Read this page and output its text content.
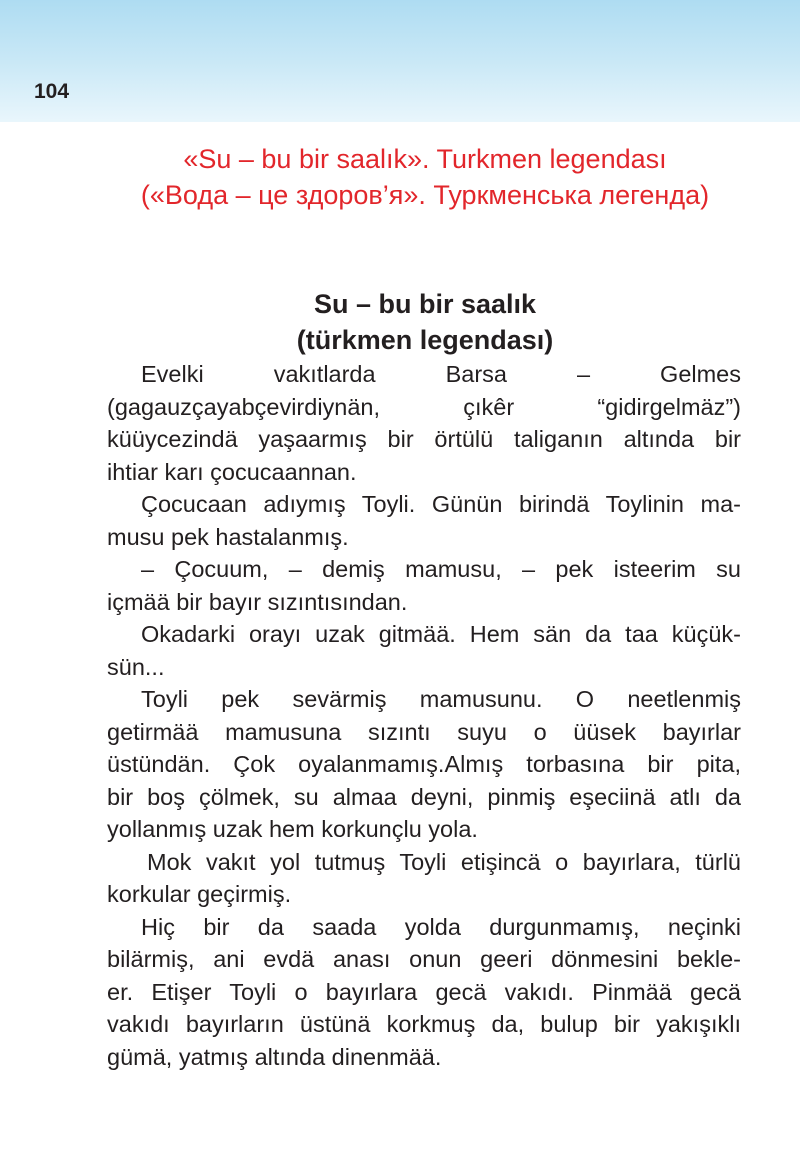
104
«Su – bu bir saalık». Turkmen legendası
(«Вода – це здоров’я». Туркменська легенда)
Su – bu bir saalık
(türkmen legendası)
Evelki vakıtlarda Barsa – Gelmes
(gagauzçayabçevirdiynän, çıkêr “gidirgelmäz”)
küüycezindä yaşaarmış bir örtülü taliganın altında bir
ihtiar karı çocucaannan.
Çocucaan adıymış Toyli. Günün birindä Toylinin ma-
musu pek hastalanmış.
– Çocuum, – demiş mamusu, – pek isteerim su
içmää bir bayır sızıntısından.
Okadarki orayı uzak gitmää. Hem sän da taa küçük-
sün...
Toyli pek sevärmiş mamusunu. O neetlenmiş
getirmää mamusuna sızıntı suyu o üüsek bayırlar
üstündän. Çok oyalanmamış.Almış torbasına bir pita,
bir boş çölmek, su almaa deyni, pinmiş eşeciinä atlı da
yollanmış uzak hem korkunçlu yola.
Mok vakıt yol tutmuş Toyli etişincä o bayırlara, türlü
korkular geçirmiş.
Hiç bir da saada yolda durgunmamış, neçinki
bilärmiş, ani evdä anası onun geeri dönmesini bekle-
er. Etişer Toyli o bayırlara gecä vakıdı. Pinmää gecä
vakıdı bayırların üstünä korkmuş da, bulup bir yakışıklı
gümä, yatmış altında dinenmää.
